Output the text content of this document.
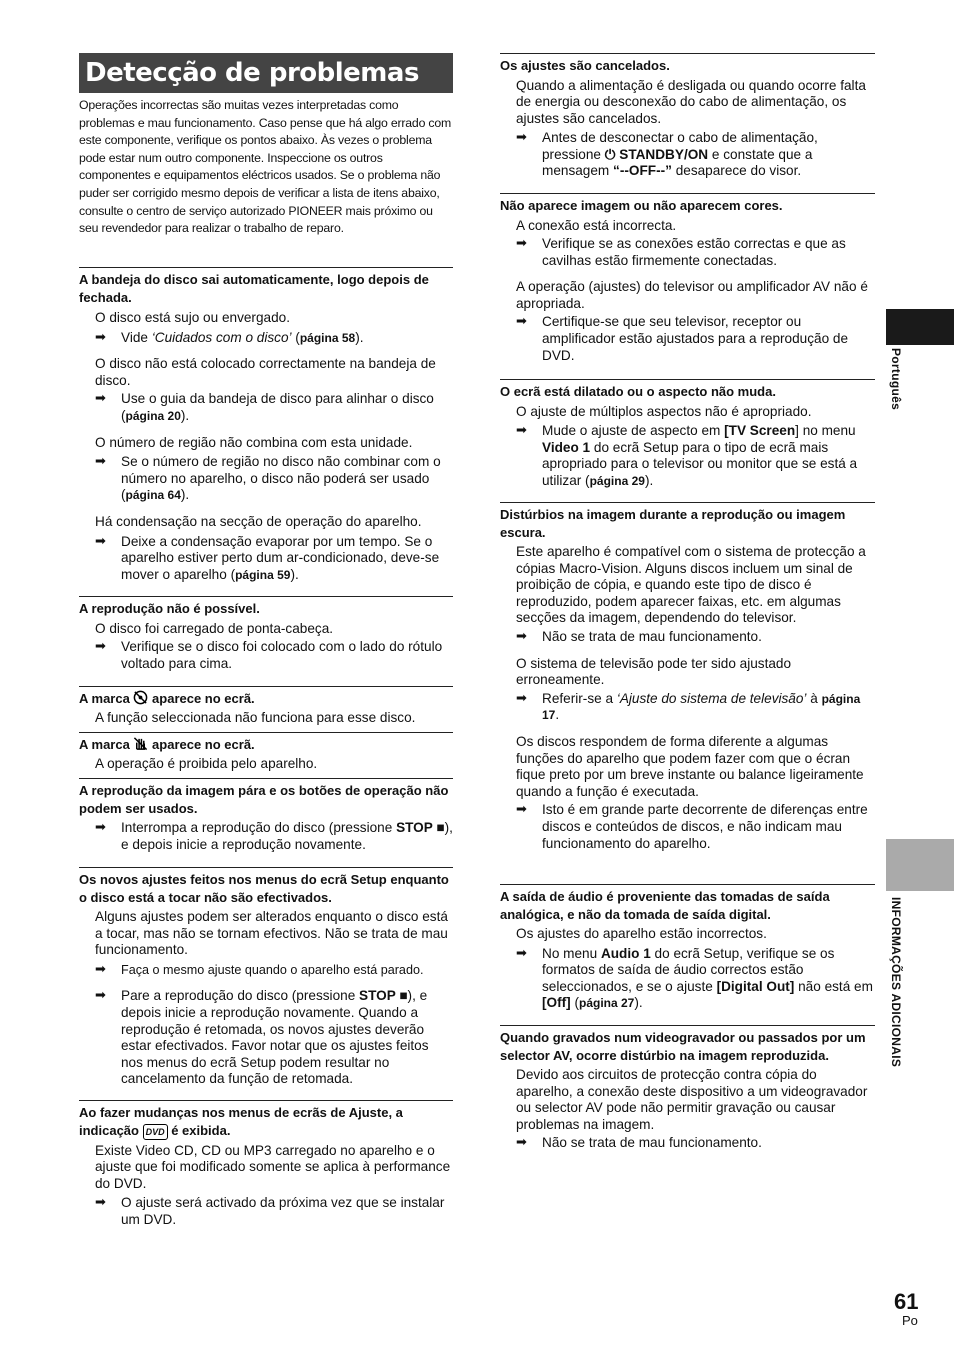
Detecção de problemas
Operações incorrectas são muitas vezes interpretadas como problemas e mau funcionamento. Caso pense que há algo errado com este componente, verifique os pontos abaixo. Às vezes o problema pode estar num outro componente. Inspeccione os outros componentes e equipamentos eléctricos usados. Se o problema não puder ser corrigido mesmo depois de verificar a lista de itens abaixo, consulte o centro de serviço autorizado PIONEER mais próximo ou seu revendedor para realizar o trabalho de reparo.
A bandeja do disco sai automaticamente, logo depois de fechada.

O disco está sujo ou envergado.

➡	Vide ‘Cuidados com o disco’ (página 58).

O disco não está colocado correctamente na bandeja de disco.

➡	Use o guia da bandeja de disco para alinhar o disco (página 20).

O número de região não combina com esta unidade.

➡	Se o número de região no disco não combinar com o número no aparelho, o disco não poderá ser usado (página 64).

Há condensação na secção de operação do aparelho.

➡	Deixe a condensação evaporar por um tempo. Se o aparelho estiver perto dum ar-condicionado, deve-se mover o aparelho (página 59).
A reprodução não é possível.

O disco foi carregado de ponta-cabeça.

➡	Verifique se o disco foi colocado com o lado do rótulo voltado para cima.
A marca  aparece no ecrã.

A função seleccionada não funciona para esse disco.

A marca  aparece no ecrã.

A operação é proibida pelo aparelho.

A reprodução da imagem pára e os botões de operação não podem ser usados.
➡	Interrompa a reprodução do disco (pressione STOP ■), e depois inicie a reprodução novamente.
Os novos ajustes feitos nos menus do ecrã Setup enquanto o disco está a tocar não são efectivados.

Alguns ajustes podem ser alterados enquanto o disco está a tocar, mas não se tornam efectivos. Não se trata de mau funcionamento.

➡	Faça o mesmo ajuste quando o aparelho está parado.
➡	Pare a reprodução do disco (pressione STOP ■), e depois inicie a reprodução novamente. Quando a reprodução é retomada, os novos ajustes deverão estar efectivados. Favor notar que os ajustes feitos nos menus do ecrã Setup podem resultar no cancelamento da função de retomada.
Ao fazer mudanças nos menus de ecrãs de Ajuste, a indicação DVD é exibida.

Existe Video CD, CD ou MP3 carregado no aparelho e o ajuste que foi modificado somente se aplica à performance do DVD.

➡	O ajuste será activado da próxima vez que se instalar um DVD.
Os ajustes são cancelados.

Quando a alimentação é desligada ou quando ocorre falta de energia ou desconexão do cabo de alimentação, os ajustes são cancelados.

➡	Antes de desconectar o cabo de alimentação, pressione ⏻ STANDBY/ON e constate que a mensagem “--OFF--” desaparece do visor.
Não aparece imagem ou não aparecem cores.

A conexão está incorrecta.

➡	Verifique se as conexões estão correctas e que as cavilhas estão firmemente conectadas.

A operação (ajustes) do televisor ou amplificador AV não é apropriada.

➡	Certifique-se que seu televisor, receptor ou amplificador estão ajustados para a reprodução de DVD.
O ecrã está dilatado ou o aspecto não muda.

O ajuste de múltiplos aspectos não é apropriado.

➡	Mude o ajuste de aspecto em [TV Screen] no menu Video 1 do ecrã Setup para o tipo de ecrã mais apropriado para o televisor ou monitor que se está a utilizar (página 29).
Distúrbios na imagem durante a reprodução ou imagem escura.

Este aparelho é compatível com o sistema de protecção a cópias Macro-Vision. Alguns discos incluem um sinal de proibição de cópia, e quando este tipo de disco é reproduzido, podem aparecer faixas, etc. em algumas secções da imagem, dependendo do televisor.

➡	Não se trata de mau funcionamento.

O sistema de televisão pode ter sido ajustado erroneamente.

➡	Referir-se a ‘Ajuste do sistema de televisão’ à página 17.

Os discos respondem de forma diferente a algumas funções do aparelho que podem fazer com que o écran fique preto por um breve instante ou balance ligeiramente quando a função é executada.

➡	Isto é em grande parte decorrente de diferenças entre discos e conteúdos de discos, e não indicam mau funcionamento do aparelho.
A saída de áudio é proveniente das tomadas de saída analógica, e não da tomada de saída digital.

Os ajustes do aparelho estão incorrectos.

➡	No menu Audio 1 do ecrã Setup, verifique se os formatos de saída de áudio correctos estão seleccionados, e se o ajuste [Digital Out] não está em [Off] (página 27).
Quando gravados num videogravador ou passados por um selector AV, ocorre distúrbio na imagem reproduzida.

Devido aos circuitos de protecção contra cópia do aparelho, a conexão deste dispositivo a um videogravador ou selector AV pode não permitir gravação ou causar problemas na imagem.

➡	Não se trata de mau funcionamento.
Português
INFORMAÇÕES ADICIONAIS
61
Po
